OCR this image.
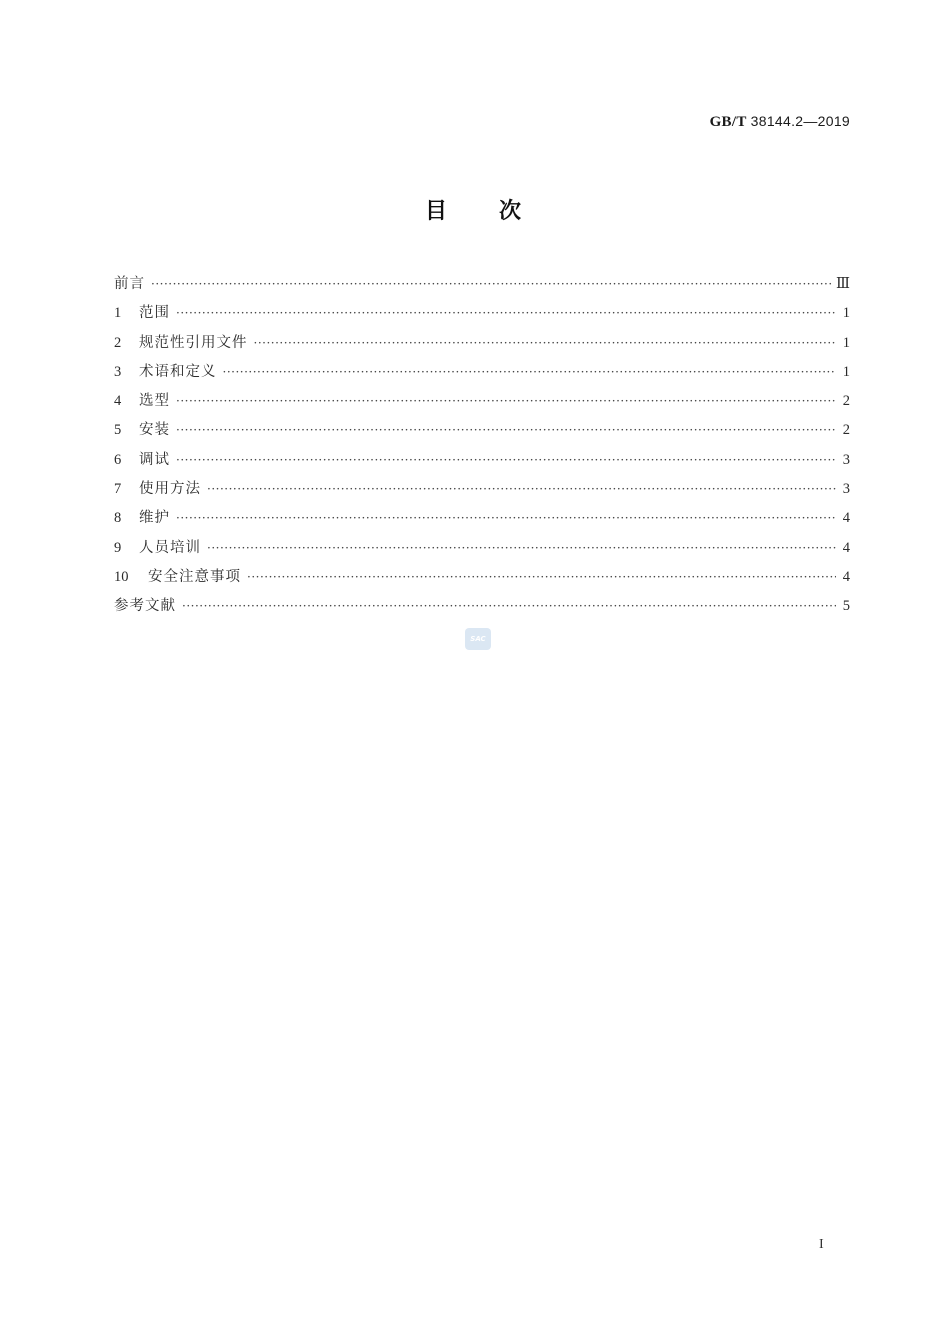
GB/T 38144.2—2019
目次
前言 ·····	Ⅲ
1	范围 ·····	1
2	规范性引用文件 ·····	1
3	术语和定义 ·····	1
4	选型 ·····	2
5	安装 ·····	2
6	调试 ·····	3
7	使用方法 ·····	3
8	维护 ·····	4
9	人员培训 ·····	4
10	安全注意事项 ·····	4
参考文献 ·····	5
SAC
I
